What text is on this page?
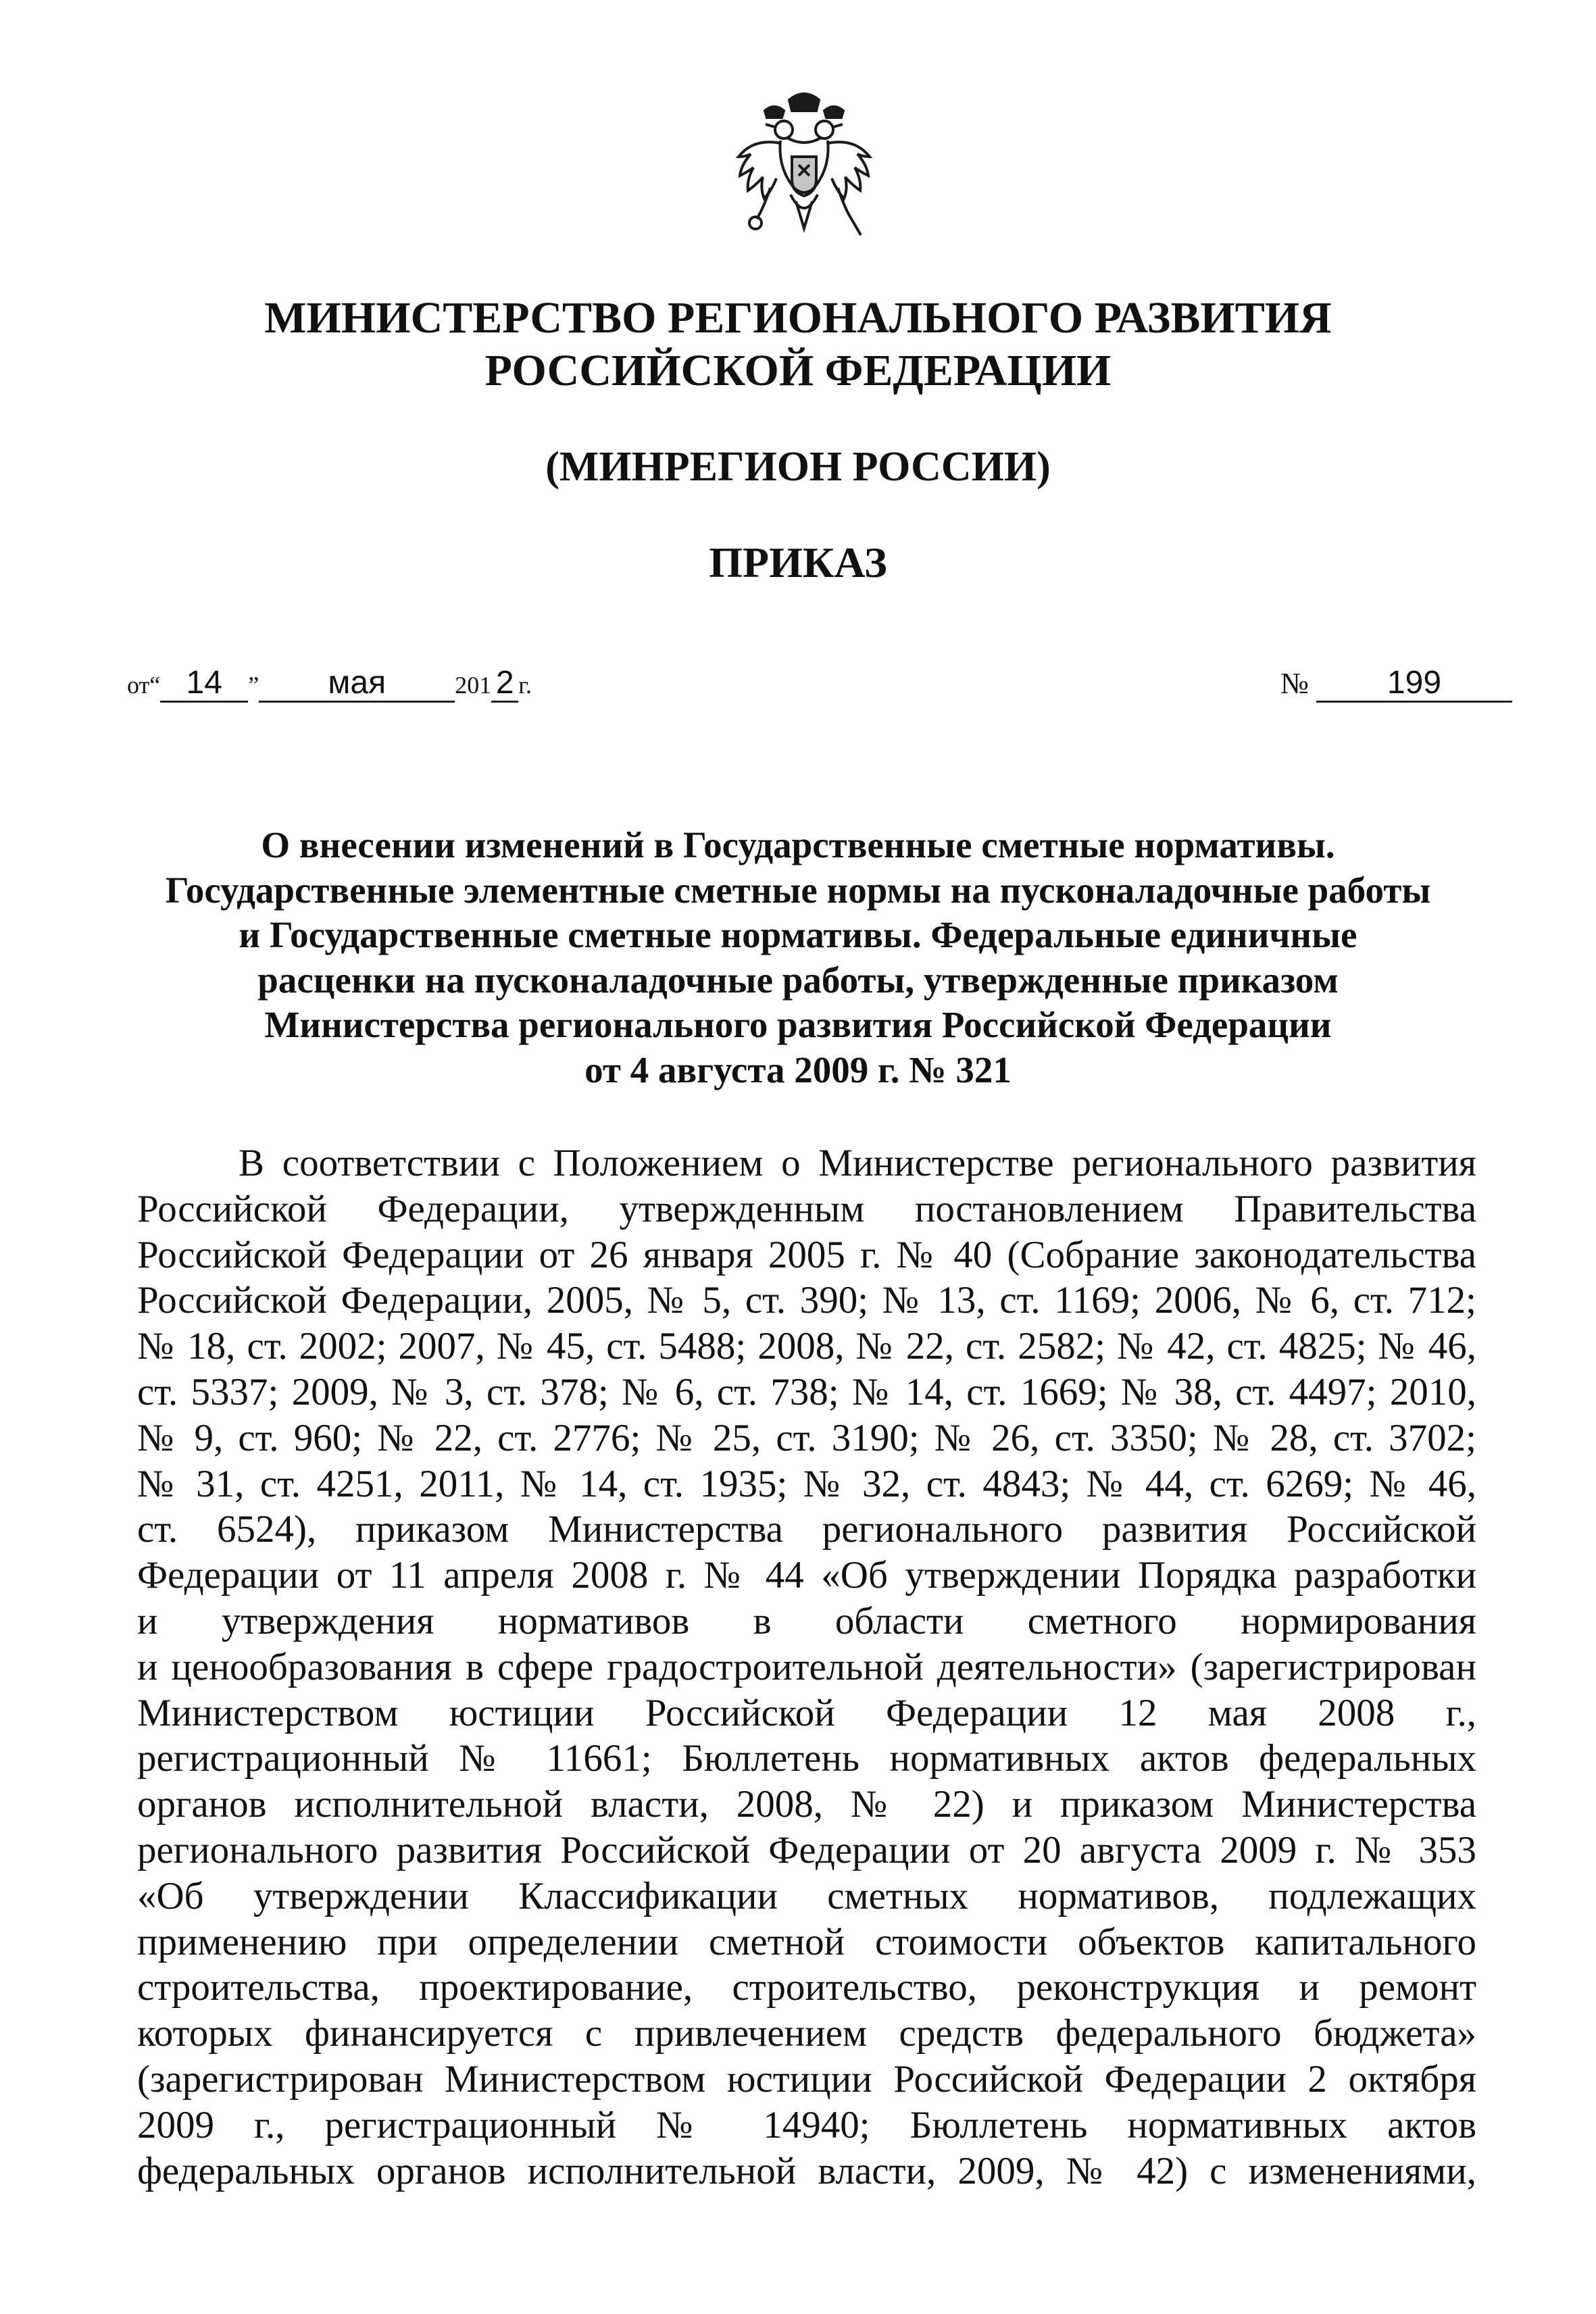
МИНИСТЕРСТВО РЕГИОНАЛЬНОГО РАЗВИТИЯ
РОССИЙСКОЙ ФЕДЕРАЦИИ
(МИНРЕГИОН РОССИИ)
ПРИКАЗ
от“ 14 ” мая	201 2 г.	№ 199
О внесении изменений в Государственные сметные нормативы.
Государственные элементные сметные нормы на пусконаладочные работы
и Государственные сметные нормативы. Федеральные единичные
расценки на пусконаладочные работы, утвержденные приказом
Министерства регионального развития Российской Федерации
от 4 августа 2009 г. № 321
В соответствии с Положением о Министерстве регионального развития
Российской Федерации, утвержденным постановлением Правительства
Российской Федерации от 26 января 2005 г. № 40 (Собрание законодательства
Российской Федерации, 2005, № 5, ст. 390; № 13, ст. 1169; 2006, № 6, ст. 712;
№ 18, ст. 2002; 2007, № 45, ст. 5488; 2008, № 22, ст. 2582; № 42, ст. 4825; № 46,
ст. 5337; 2009, № 3, ст. 378; № 6, ст. 738; № 14, ст. 1669; № 38, ст. 4497; 2010,
№ 9, ст. 960; № 22, ст. 2776; № 25, ст. 3190; № 26, ст. 3350; № 28, ст. 3702;
№ 31, ст. 4251, 2011, № 14, ст. 1935; № 32, ст. 4843; № 44, ст. 6269; № 46,
ст. 6524), приказом Министерства регионального развития Российской
Федерации от 11 апреля 2008 г. № 44 «Об утверждении Порядка разработки
и утверждения нормативов в области сметного нормирования
и ценообразования в сфере градостроительной деятельности» (зарегистрирован
Министерством юстиции Российской Федерации 12 мая 2008 г.,
регистрационный № 11661; Бюллетень нормативных актов федеральных
органов исполнительной власти, 2008, № 22) и приказом Министерства
регионального развития Российской Федерации от 20 августа 2009 г. № 353
«Об утверждении Классификации сметных нормативов, подлежащих
применению при определении сметной стоимости объектов капитального
строительства, проектирование, строительство, реконструкция и ремонт
которых финансируется с привлечением средств федерального бюджета»
(зарегистрирован Министерством юстиции Российской Федерации 2 октября
2009 г., регистрационный № 14940; Бюллетень нормативных актов
федеральных органов исполнительной власти, 2009, № 42) с изменениями,
